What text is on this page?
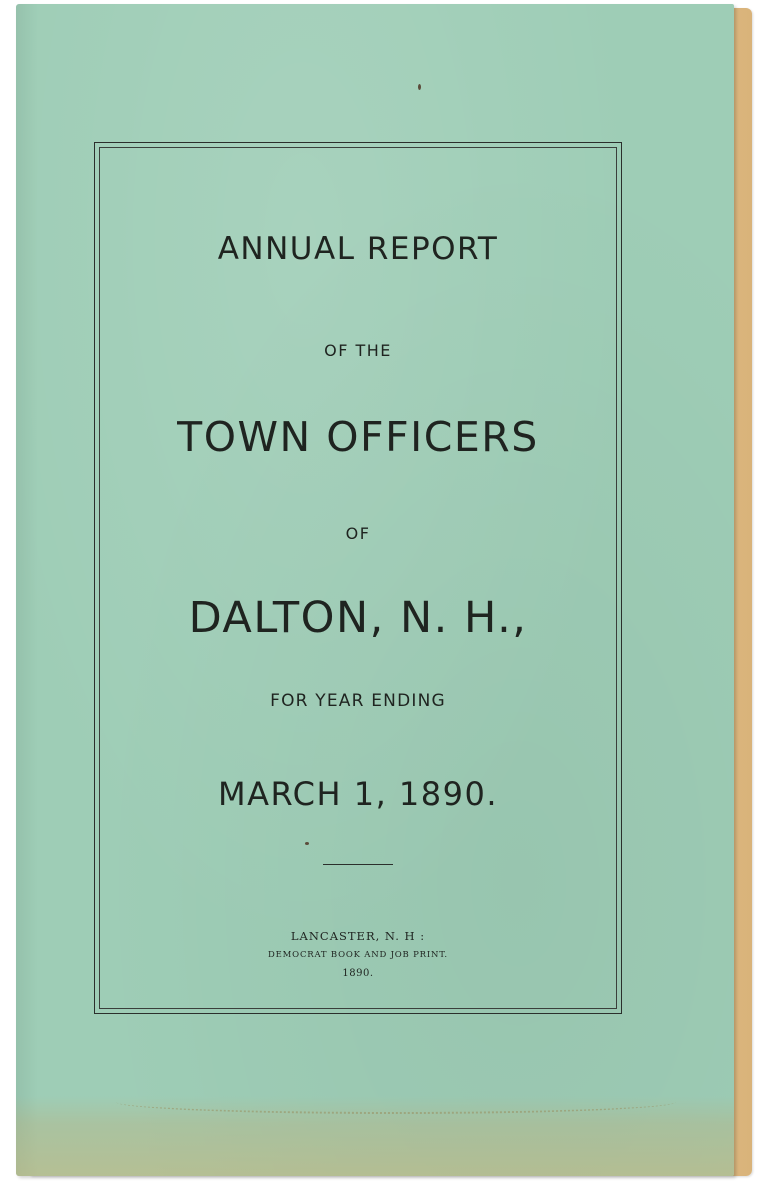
ANNUAL REPORT
OF THE
TOWN OFFICERS
OF
DALTON, N. H.,
FOR YEAR ENDING
MARCH 1, 1890.
LANCASTER, N. H :
DEMOCRAT BOOK AND JOB PRINT.
1890.
